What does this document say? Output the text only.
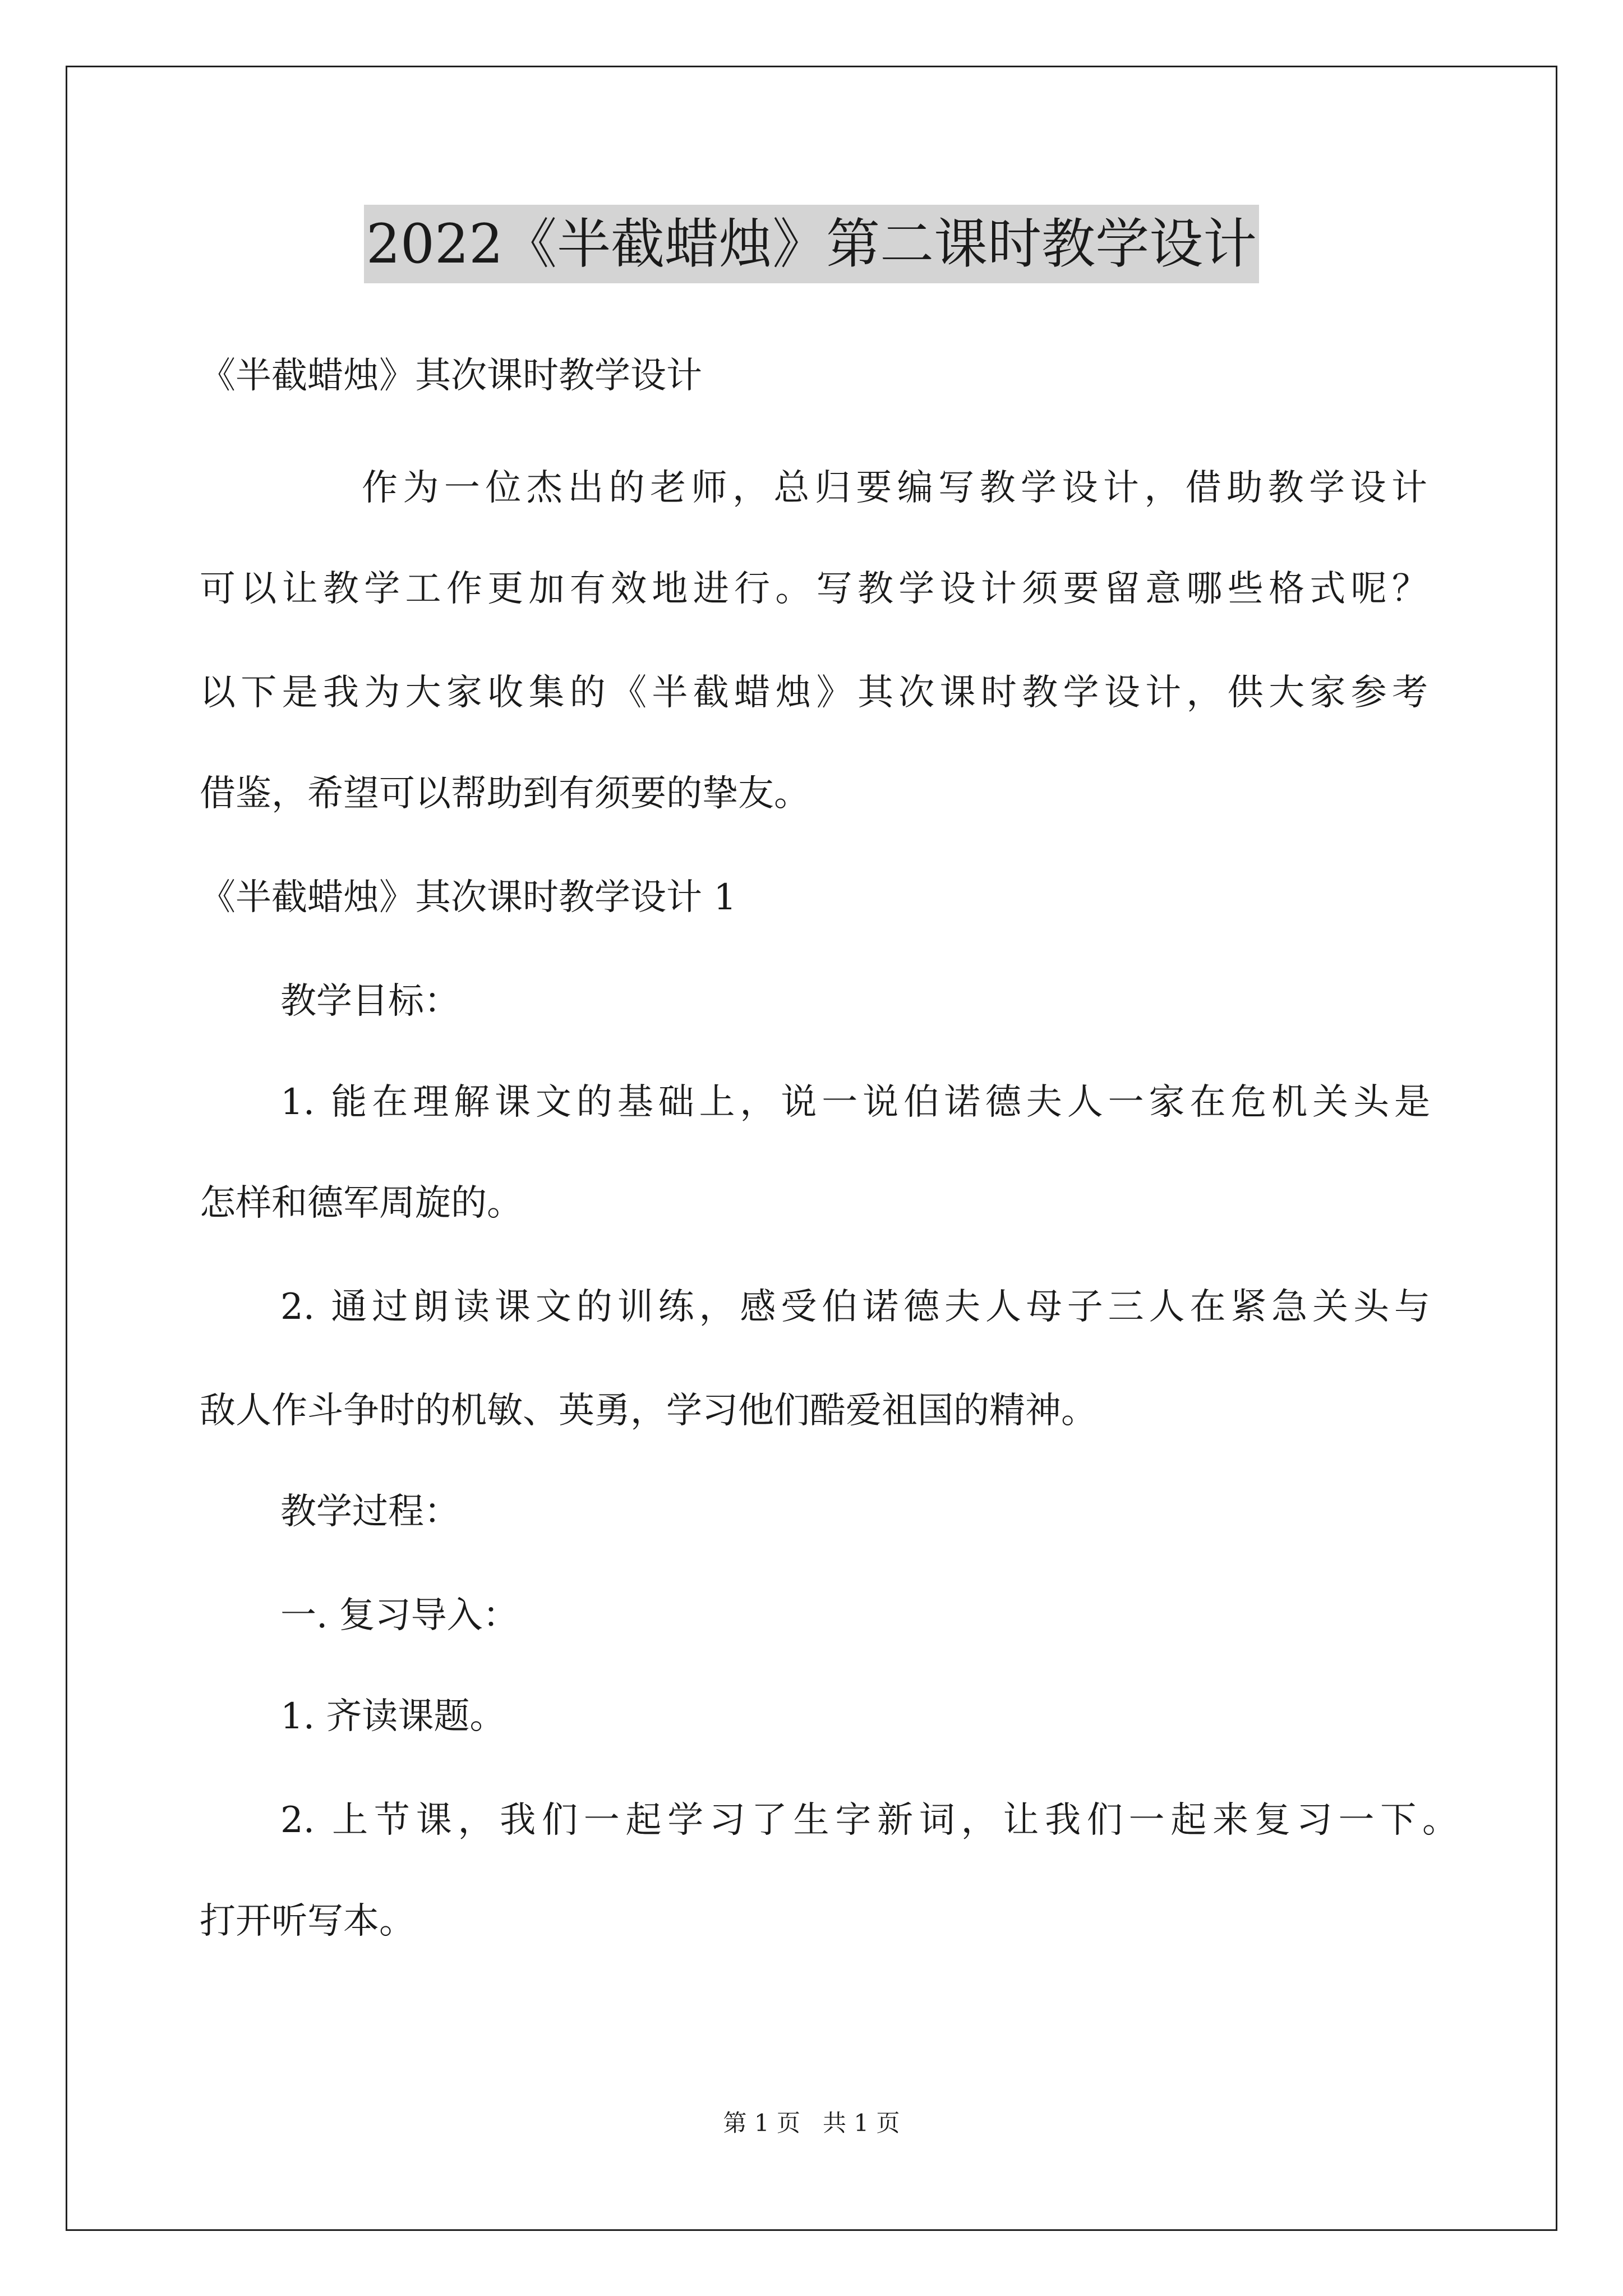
2022《半截蜡烛》第二课时教学设计
《半截蜡烛》其次课时教学设计
作为一位杰出的老师，总归要编写教学设计，借助教学设计
可以让教学工作更加有效地进行。写教学设计须要留意哪些格式呢？
以下是我为大家收集的《半截蜡烛》其次课时教学设计，供大家参考
借鉴，希望可以帮助到有须要的挚友。
《半截蜡烛》其次课时教学设计 1
教学目标：
1. 能在理解课文的基础上，说一说伯诺德夫人一家在危机关头是
怎样和德军周旋的。
2. 通过朗读课文的训练，感受伯诺德夫人母子三人在紧急关头与
敌人作斗争时的机敏、英勇，学习他们酷爱祖国的精神。
教学过程：
一. 复习导入：
1. 齐读课题。
2. 上节课，我们一起学习了生字新词，让我们一起来复习一下。
打开听写本。
第 1 页   共 1 页
